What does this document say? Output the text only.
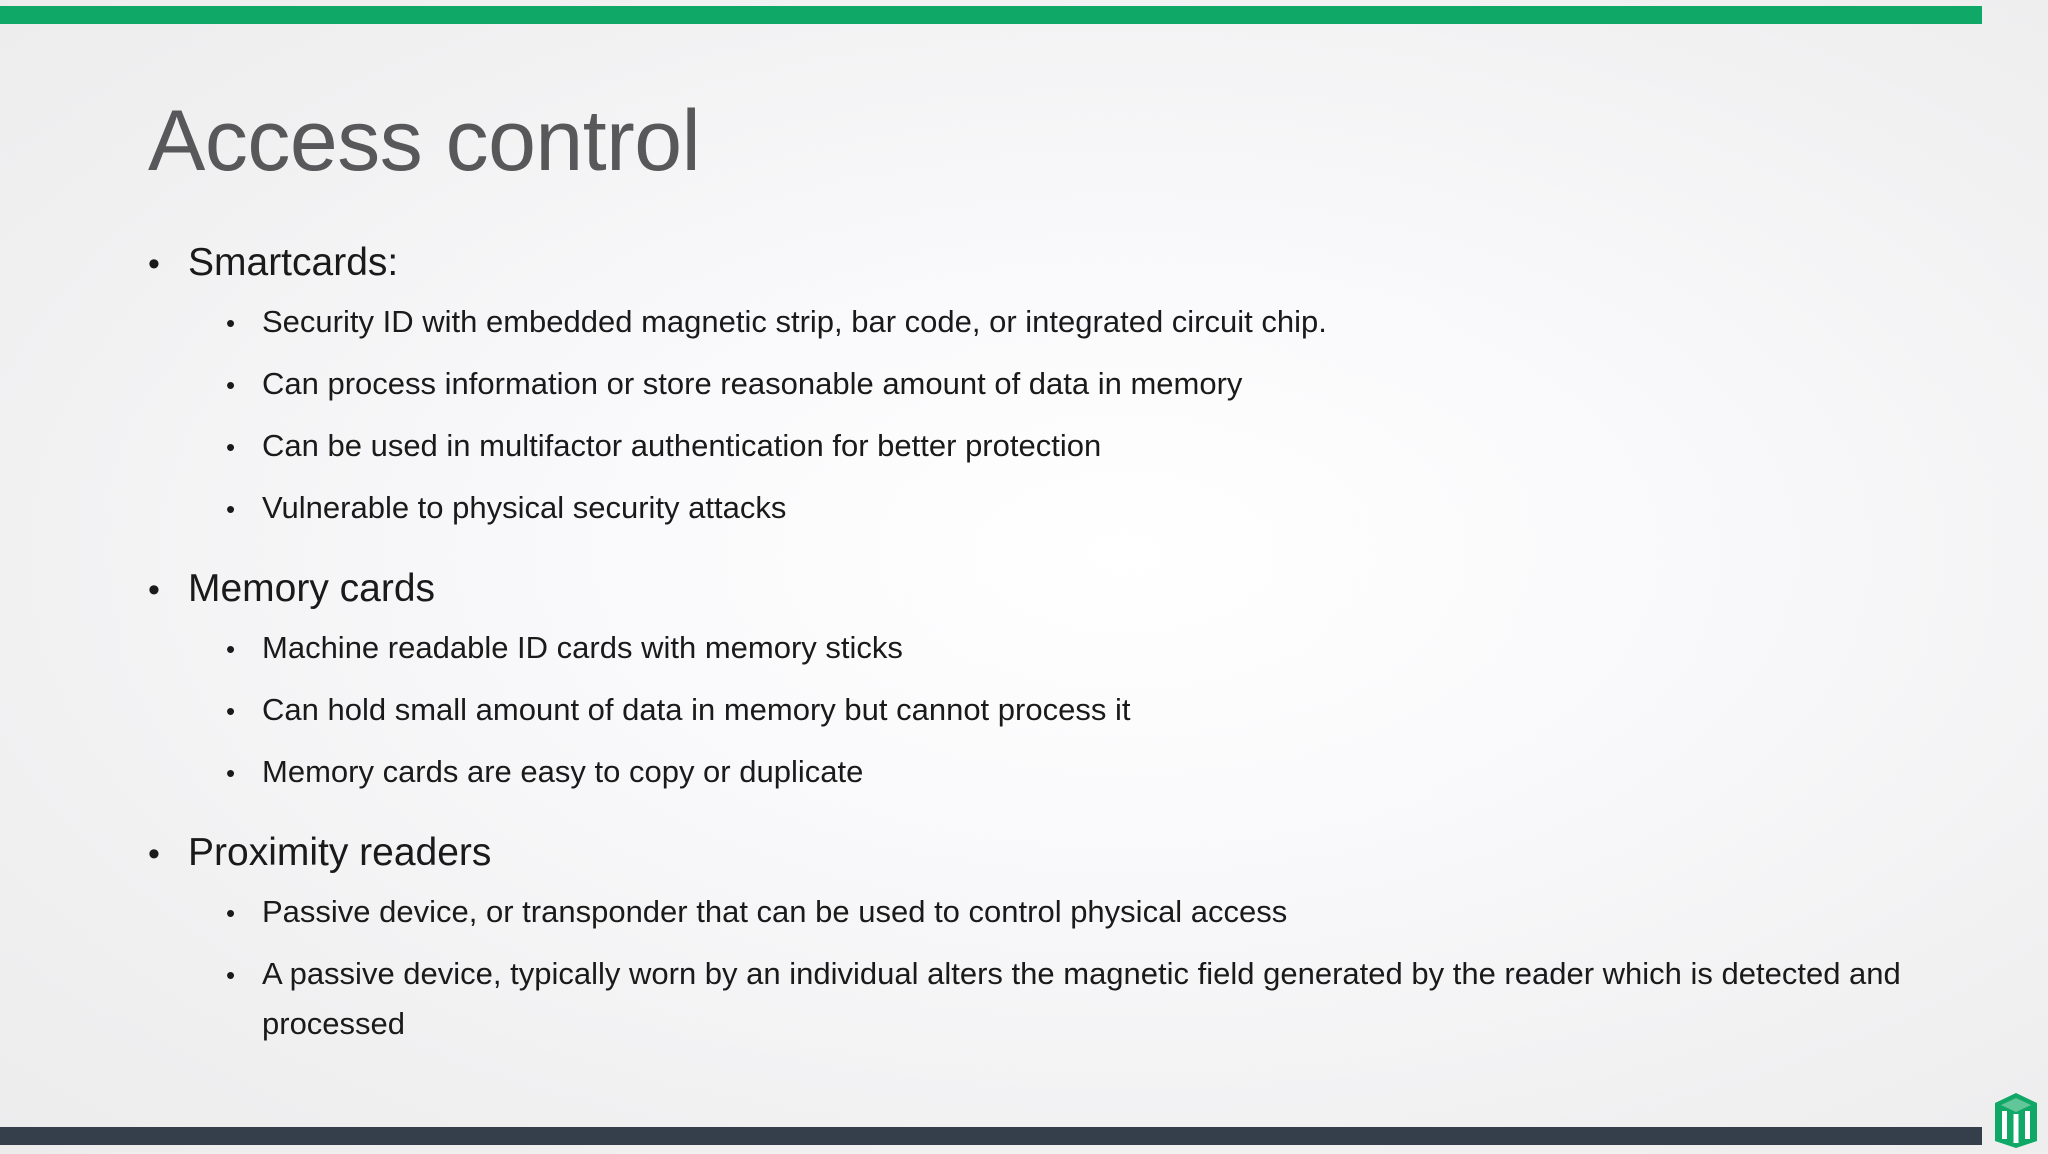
Access control
• Smartcards:
• Security ID with embedded magnetic strip, bar code, or integrated circuit chip.
• Can process information or store reasonable amount of data in memory
• Can be used in multifactor authentication for better protection
• Vulnerable to physical security attacks
• Memory cards
• Machine readable ID cards with memory sticks
• Can hold small amount of data in memory but cannot process it
• Memory cards are easy to copy or duplicate
• Proximity readers
• Passive device, or transponder that can be used to control physical access
• A passive device, typically worn by an individual alters the magnetic field generated by the reader which is detected and processed
